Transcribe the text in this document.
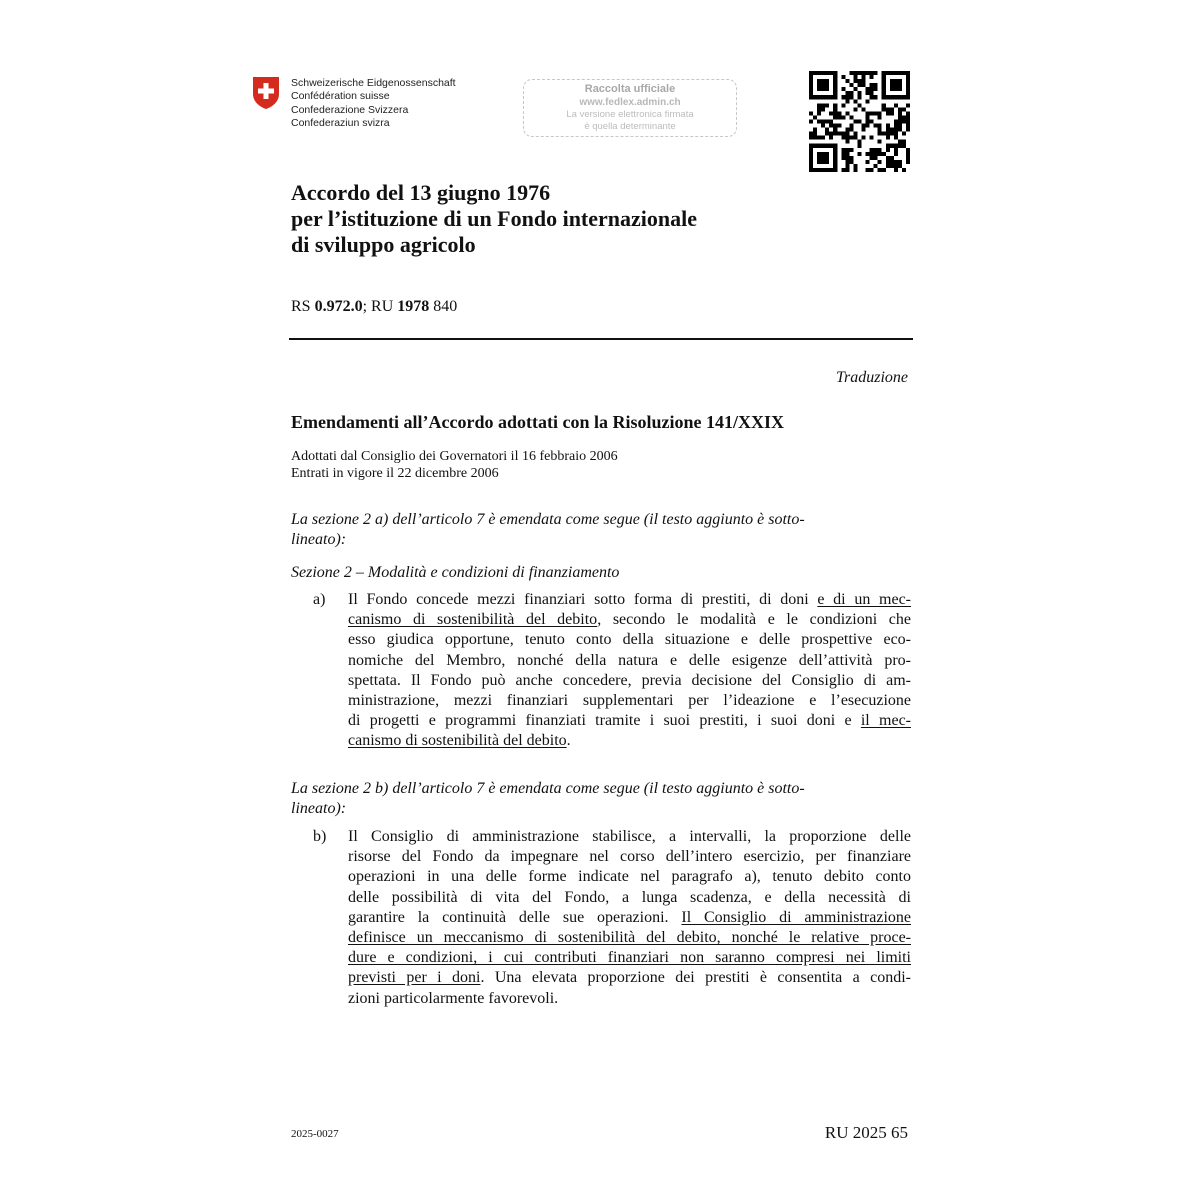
Schweizerische Eidgenossenschaft
Confédération suisse
Confederazione Svizzera
Confederaziun svizra
Raccolta ufficiale
www.fedlex.admin.ch
La versione elettronica firmata
è quella determinante
Accordo del 13 giugno 1976
per l’istituzione di un Fondo internazionale
di sviluppo agricolo
RS 0.972.0; RU 1978 840
Traduzione
Emendamenti all’Accordo adottati con la Risoluzione 141/XXIX
Adottati dal Consiglio dei Governatori il 16 febbraio 2006
Entrati in vigore il 22 dicembre 2006
La sezione 2 a) dell’articolo 7 è emendata come segue (il testo aggiunto è sotto-
lineato):
Sezione 2 – Modalità e condizioni di finanziamento
a) Il Fondo concede mezzi finanziari sotto forma di prestiti, di doni e di un mec-
canismo di sostenibilità del debito, secondo le modalità e le condizioni che
esso giudica opportune, tenuto conto della situazione e delle prospettive eco-
nomiche del Membro, nonché della natura e delle esigenze dell’attività pro-
spettata. Il Fondo può anche concedere, previa decisione del Consiglio di am-
ministrazione, mezzi finanziari supplementari per l’ideazione e l’esecuzione
di progetti e programmi finanziati tramite i suoi prestiti, i suoi doni e il mec-
canismo di sostenibilità del debito.
La sezione 2 b) dell’articolo 7 è emendata come segue (il testo aggiunto è sotto-
lineato):
b) Il Consiglio di amministrazione stabilisce, a intervalli, la proporzione delle
risorse del Fondo da impegnare nel corso dell’intero esercizio, per finanziare
operazioni in una delle forme indicate nel paragrafo a), tenuto debito conto
delle possibilità di vita del Fondo, a lunga scadenza, e della necessità di
garantire la continuità delle sue operazioni. Il Consiglio di amministrazione
definisce un meccanismo di sostenibilità del debito, nonché le relative proce-
dure e condizioni, i cui contributi finanziari non saranno compresi nei limiti
previsti per i doni. Una elevata proporzione dei prestiti è consentita a condi-
zioni particolarmente favorevoli.
2025-0027	RU 2025 65
